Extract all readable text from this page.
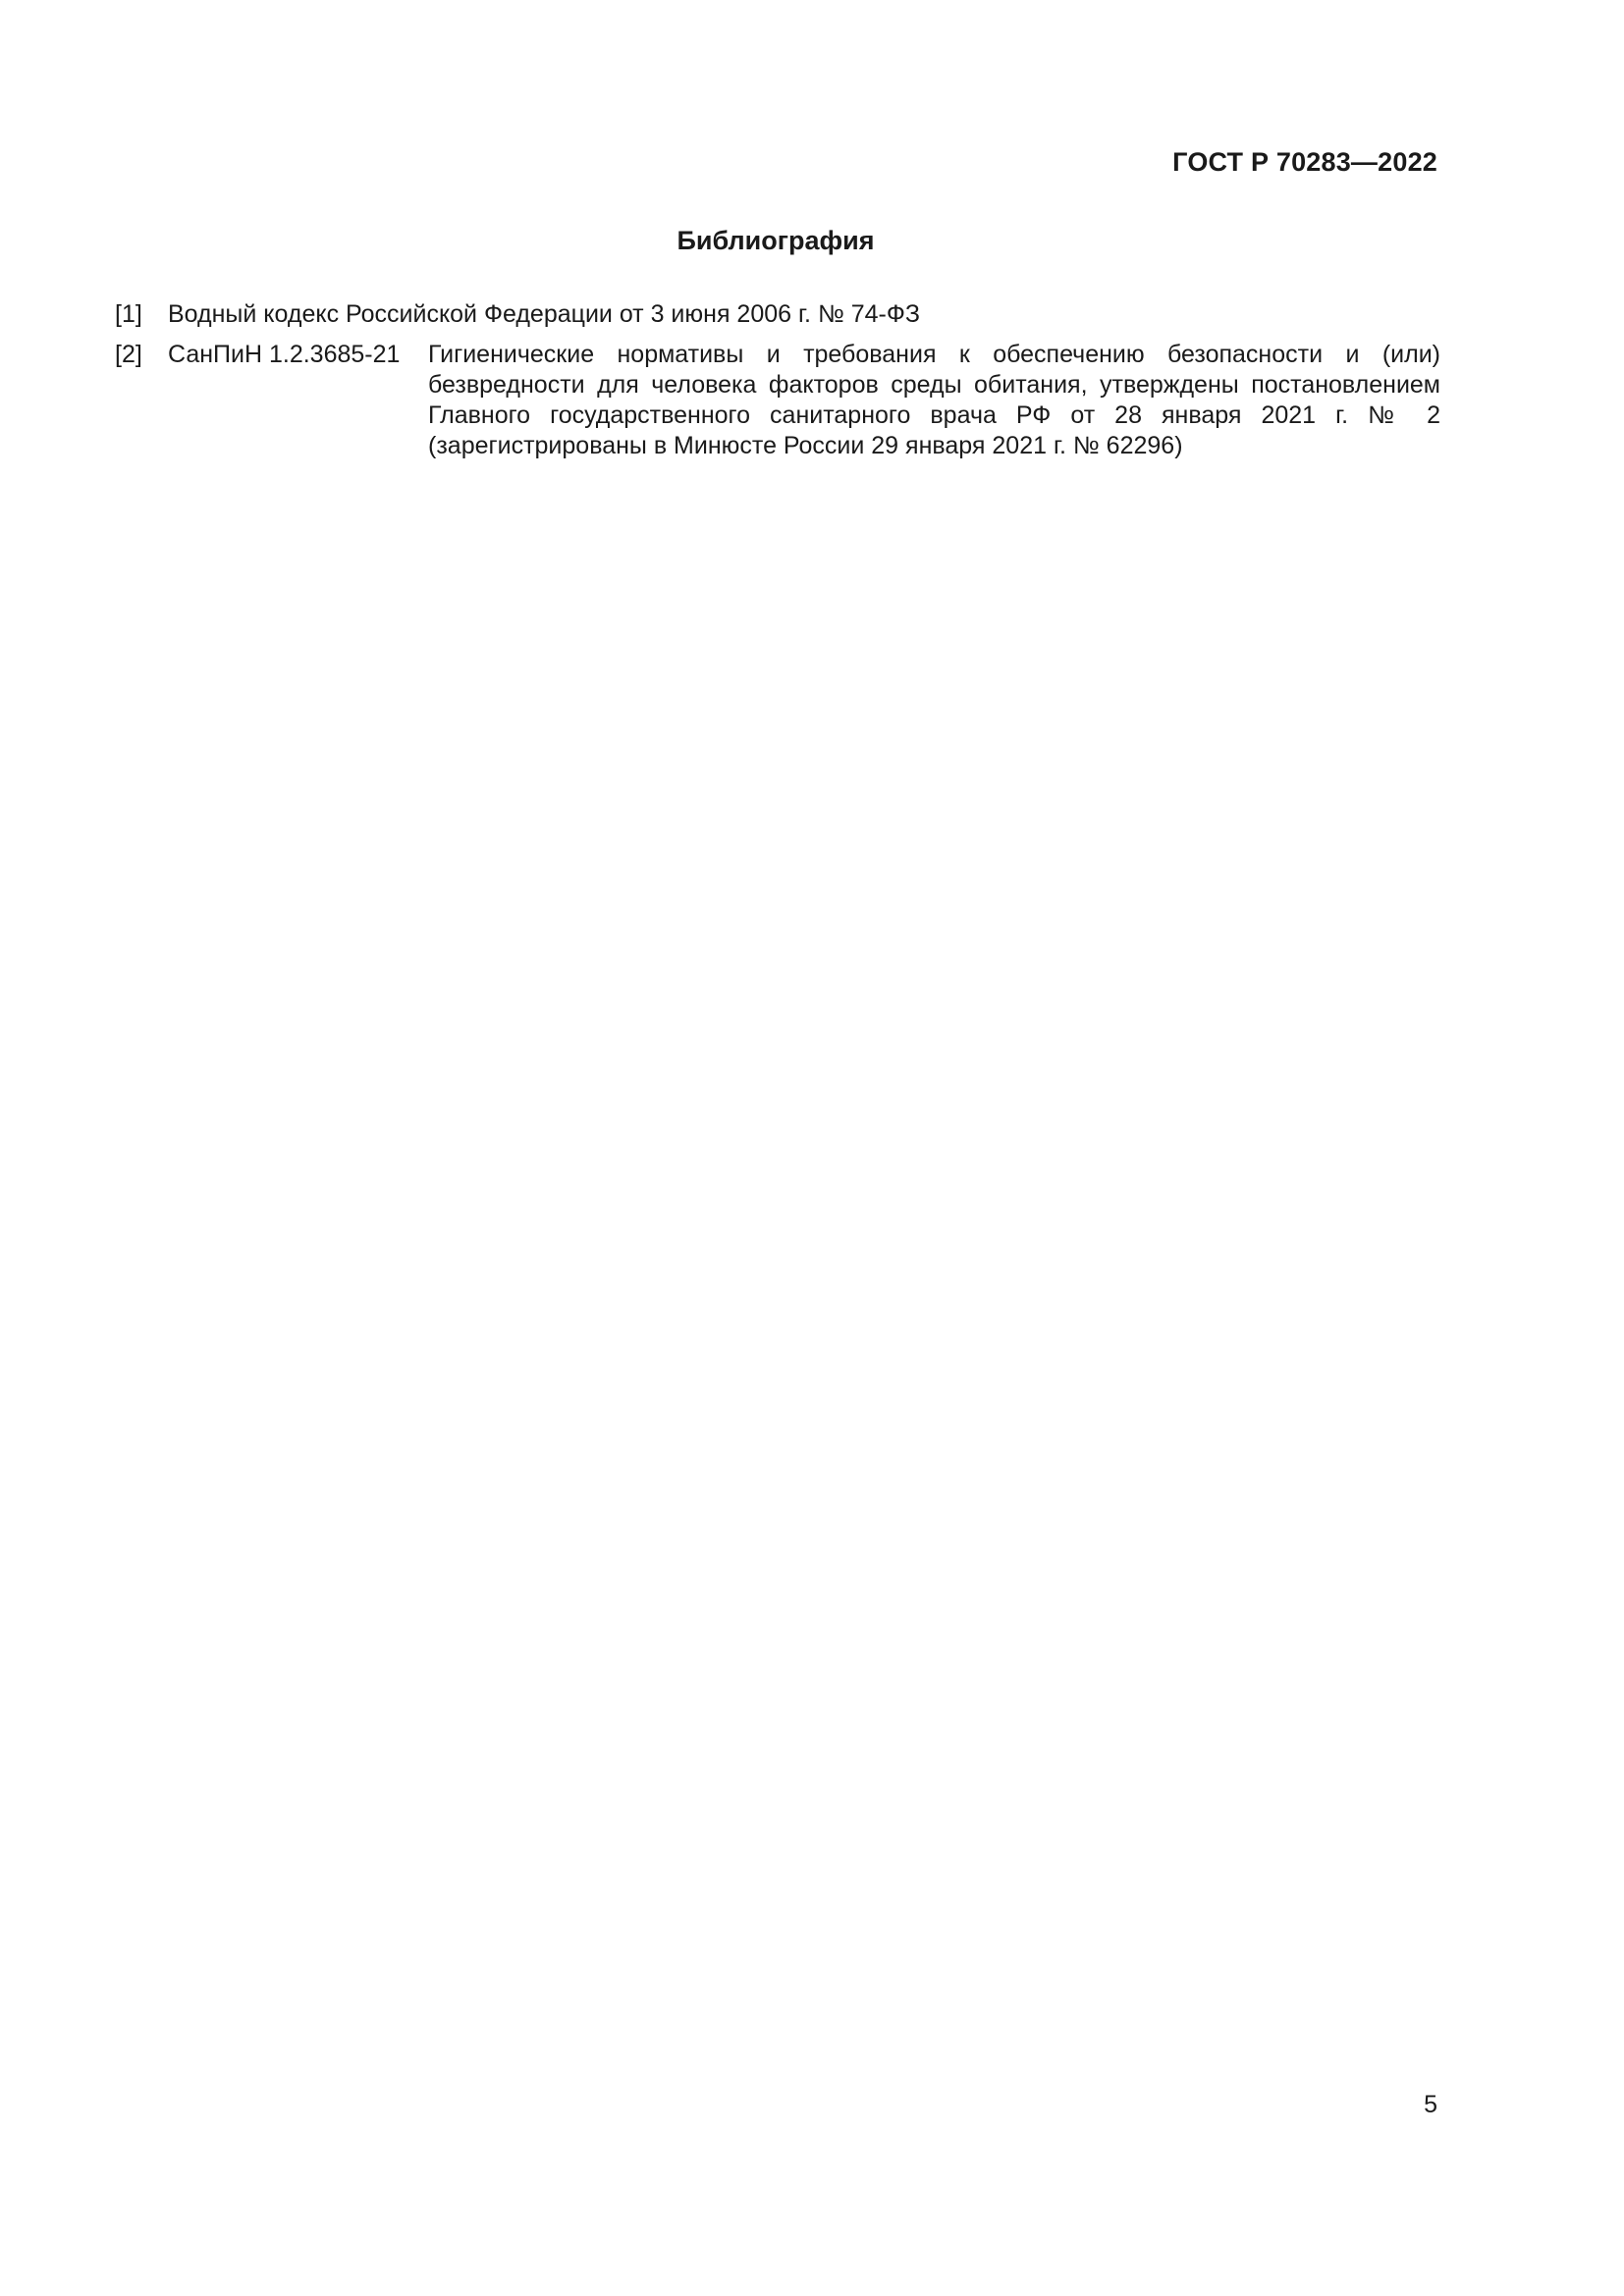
ГОСТ Р 70283—2022
Библиография
[1]	Водный кодекс Российской Федерации от 3 июня 2006 г. № 74-ФЗ
[2] СанПиН 1.2.3685-21	Гигиенические нормативы и требования к обеспечению безопасности и (или) безвредности для человека факторов среды обитания, утверждены постановлением Главного государственного санитарного врача РФ от 28 января 2021 г. № 2 (зарегистрированы в Минюсте России 29 января 2021 г. № 62296)
5
